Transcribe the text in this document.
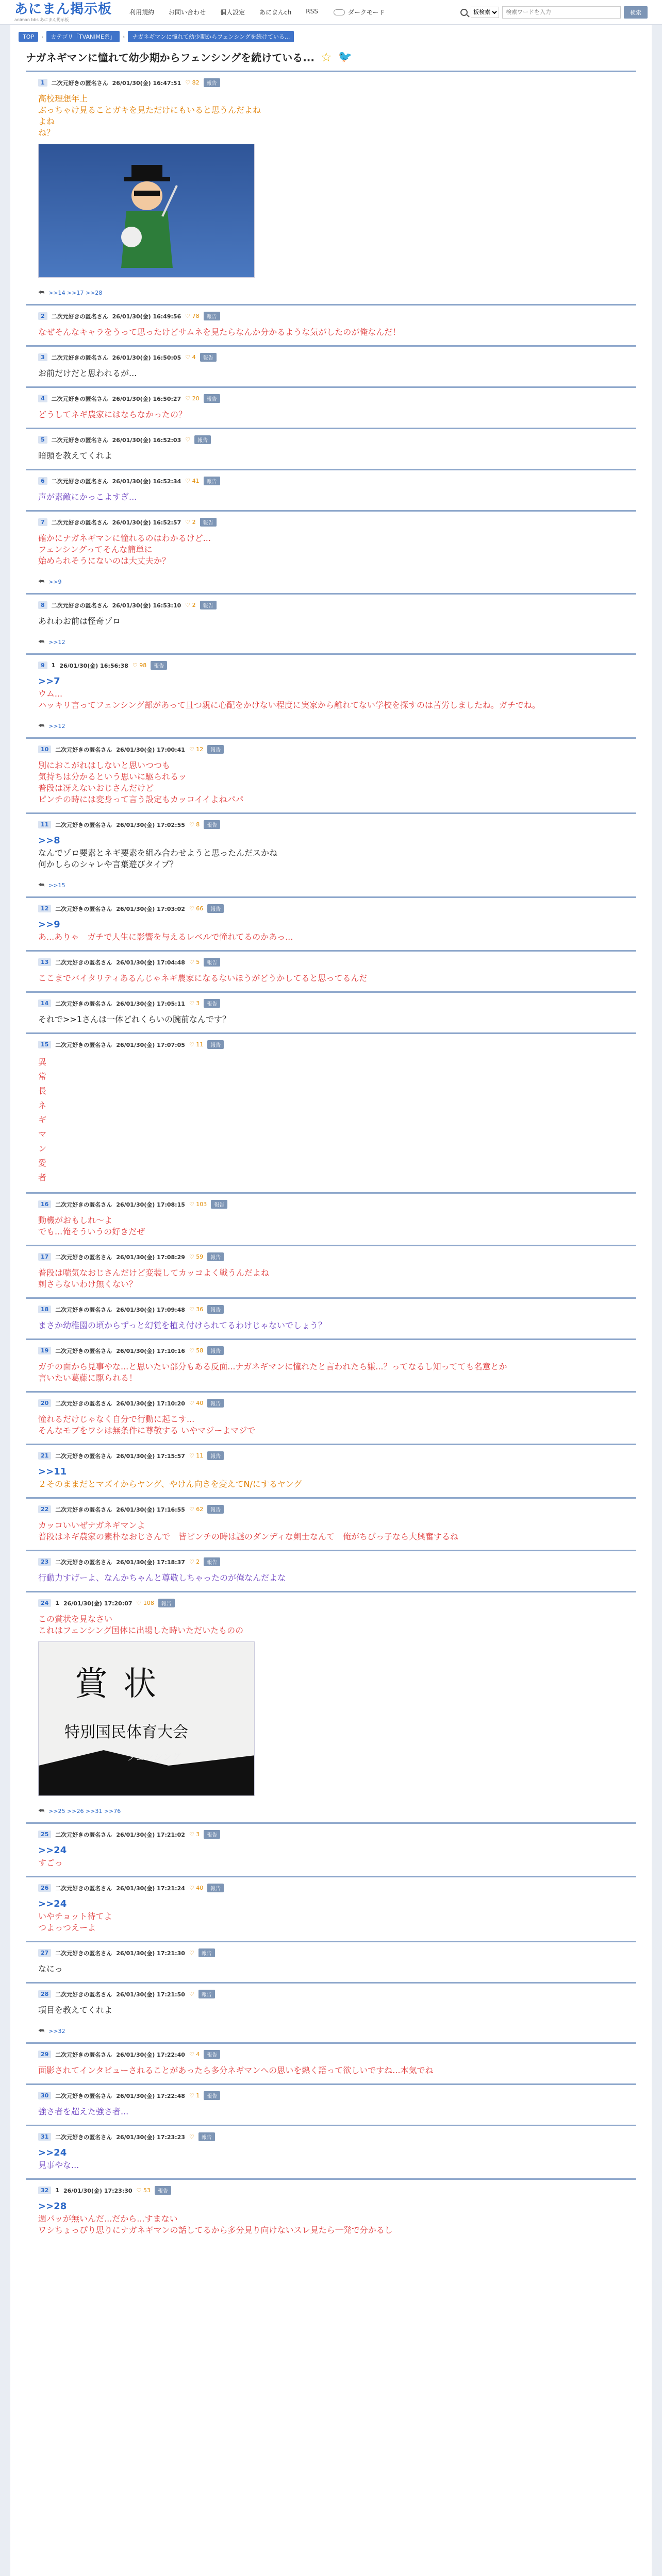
あにまん掲示板
animan bbs あにまん掲示板
利用規約 お問い合わせ 個人設定 あにまんch RSS	ダークモード
板検索
検索ワードを入力	検索
TOP	›	カテゴリ「TVANIME系」	›	ナガネギマンに憧れて幼少期からフェンシングを続けている...
ナガネギマンに憧れて幼少期からフェンシングを続けている... ☆ 🐦
1	二次元好きの匿名さん 26/01/30(金) 16:47:51 ♡ 82	報告
高校理想年上
ぶっちゃけ見ることガキを見ただけにもいると思うんだよね
よね
ね？
⮪ >>14 >>17 >>28
2	二次元好きの匿名さん 26/01/30(金) 16:49:56 ♡ 78	報告
なぜそんなキャラをうって思ったけどサムネを見たらなんか分かるような気がしたのが俺なんだ！
3	二次元好きの匿名さん 26/01/30(金) 16:50:05 ♡ 4	報告
お前だけだと思われるが...
4	二次元好きの匿名さん 26/01/30(金) 16:50:27 ♡ 20	報告
どうしてネギ農家にはならなかったの？
5	二次元好きの匿名さん 26/01/30(金) 16:52:03 ♡	報告
暗頭を教えてくれよ
6	二次元好きの匿名さん 26/01/30(金) 16:52:34 ♡ 41	報告
声が素敵にかっこよすぎ...
7	二次元好きの匿名さん 26/01/30(金) 16:52:57 ♡ 2	報告
確かにナガネギマンに憧れるのはわかるけど...
フェンシングってそんな簡単に
始められそうにないのは大丈夫か？
⮪ >>9
8	二次元好きの匿名さん 26/01/30(金) 16:53:10 ♡ 2	報告
あれわお前は怪奇ゾロ
⮪ >>12
9	1 26/01/30(金) 16:56:38 ♡ 98	報告
>>7
ウム...
ハッキリ言ってフェンシング部があって且つ親に心配をかけない程度に実家から離れてない学校を探すのは苦労しましたね。ガチでね。
⮪ >>12
10	二次元好きの匿名さん 26/01/30(金) 17:00:41 ♡ 12	報告
別におこがれはしないと思いつつも
気持ちは分かるという思いに駆られるッ
普段は冴えないおじさんだけど
ピンチの時には変身って言う設定もカッコイイよねパパ
11	二次元好きの匿名さん 26/01/30(金) 17:02:55 ♡ 8	報告
>>8
なんでゾロ要素とネギ要素を組み合わせようと思ったんだスかね
何かしらのシャレや言葉遊びタイプ？
⮪ >>15
12	二次元好きの匿名さん 26/01/30(金) 17:03:02 ♡ 66	報告
>>9
あ...ありゃ　ガチで人生に影響を与えるレベルで憧れてるのかあっ...
13	二次元好きの匿名さん 26/01/30(金) 17:04:48 ♡ 5	報告
ここまでバイタリティあるんじゃネギ農家になるないほうがどうかしてると思ってるんだ
14	二次元好きの匿名さん 26/01/30(金) 17:05:11 ♡ 3	報告
それで>>1さんは一体どれくらいの腕前なんです？
15	二次元好きの匿名さん 26/01/30(金) 17:07:05 ♡ 11	報告
異
常
長
ネ
ギ
マ
ン
愛
者
16	二次元好きの匿名さん 26/01/30(金) 17:08:15 ♡ 103	報告
動機がおもしれ～よ
でも...俺そういうの好きだぜ
17	二次元好きの匿名さん 26/01/30(金) 17:08:29 ♡ 59	報告
普段は喘気なおじさんだけど変装してカッコよく戦うんだよね
刺さらないわけ無くない？
18	二次元好きの匿名さん 26/01/30(金) 17:09:48 ♡ 36	報告
まさか幼稚園の頃からずっと幻覚を植え付けられてるわけじゃないでしょう？
19	二次元好きの匿名さん 26/01/30(金) 17:10:16 ♡ 58	報告
ガチの面から見事やな...と思いたい部分もある反面...ナガネギマンに憧れたと言われたら嫌...？ってなるし知ってても名意とか
言いたい葛藤に駆られる！
20	二次元好きの匿名さん 26/01/30(金) 17:10:20 ♡ 40	報告
憧れるだけじゃなく自分で行動に起こす...
そんなモブをワシは無条件に尊敬する いやマジーよマジで
21	二次元好きの匿名さん 26/01/30(金) 17:15:57 ♡ 11	報告
>>11
２そのままだとマズイからヤング、やけん向きを変えてN/にするヤング
22	二次元好きの匿名さん 26/01/30(金) 17:16:55 ♡ 62	報告
カッコいいぜナガネギマンよ
普段はネギ農家の素朴なおじさんで　皆ピンチの時は謎のダンディな剣士なんて　俺がちびっ子なら大興奮するね
23	二次元好きの匿名さん 26/01/30(金) 17:18:37 ♡ 2	報告
行動力すげーよ、なんかちゃんと尊敬しちゃったのが俺なんだよな
24	1 26/01/30(金) 17:20:07 ♡ 108	報告
この賞状を見なさい
これはフェンシング国体に出場した時いただいたものの
賞状
特別国民体育大会
フェンシング
⮪ >>25 >>26 >>31 >>76
25	二次元好きの匿名さん 26/01/30(金) 17:21:02 ♡ 3	報告
>>24
すごっ
26	二次元好きの匿名さん 26/01/30(金) 17:21:24 ♡ 40	報告
>>24
いやチョット待てよ
つよっつえーよ
27	二次元好きの匿名さん 26/01/30(金) 17:21:30 ♡	報告
なにっ
28	二次元好きの匿名さん 26/01/30(金) 17:21:50 ♡	報告
項目を教えてくれよ
⮪ >>32
29	二次元好きの匿名さん 26/01/30(金) 17:22:40 ♡ 4	報告
面影されてインタビューされることがあったら多分ネギマンへの思いを熱く語って欲しいですね...本気でね
30	二次元好きの匿名さん 26/01/30(金) 17:22:48 ♡ 1	報告
強さ者を超えた強さ者...
31	二次元好きの匿名さん 26/01/30(金) 17:23:23 ♡	報告
>>24
見事やな...
32	1 26/01/30(金) 17:23:30 ♡ 53	報告
>>28
週パッが無いんだ...だから...すまない
ワシちょっぴり思りにナガネギマンの話してるから多分見り向けないスレ見たら一発で分かるし
